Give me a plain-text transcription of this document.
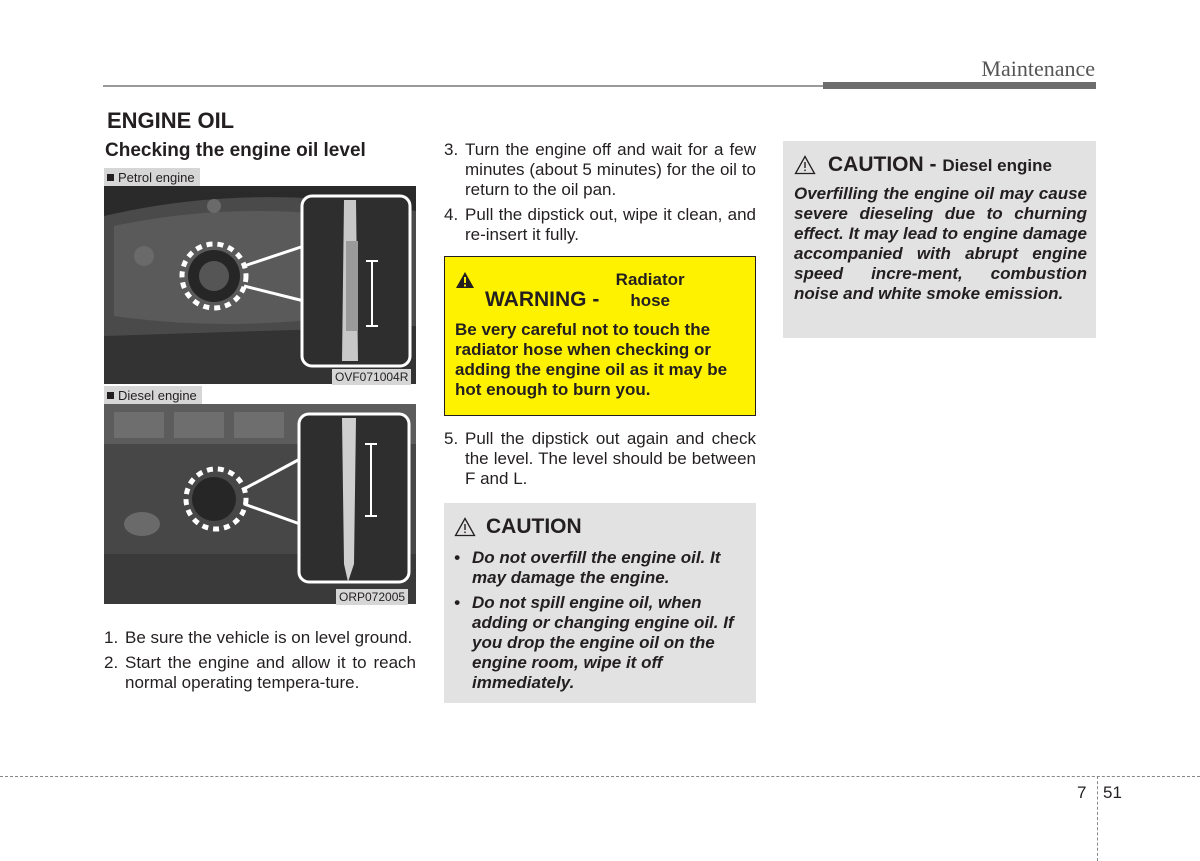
Maintenance
ENGINE OIL
Checking the engine oil level
Petrol engine
OVF071004R
Diesel engine
ORP072005
1. Be sure the vehicle is on level ground.
2. Start the engine and allow it to reach normal operating tempera-ture.
3. Turn the engine off and wait for a few minutes (about 5 minutes) for the oil to return to the oil pan.
4. Pull the dipstick out, wipe it clean, and re-insert it fully.
WARNING - Radiator hose
Be very careful not to touch the radiator hose when checking or adding the engine oil as it may be hot enough to burn you.
5. Pull the dipstick out again and check the level. The level should be between F and L.
CAUTION
• Do not overfill the engine oil. It may damage the engine.
• Do not spill engine oil, when adding or changing engine oil. If you drop the engine oil on the engine room, wipe it off immediately.
CAUTION - Diesel engine
Overfilling the engine oil may cause severe dieseling due to churning effect. It may lead to engine damage accompanied with abrupt engine speed incre-ment, combustion noise and white smoke emission.
7 51
